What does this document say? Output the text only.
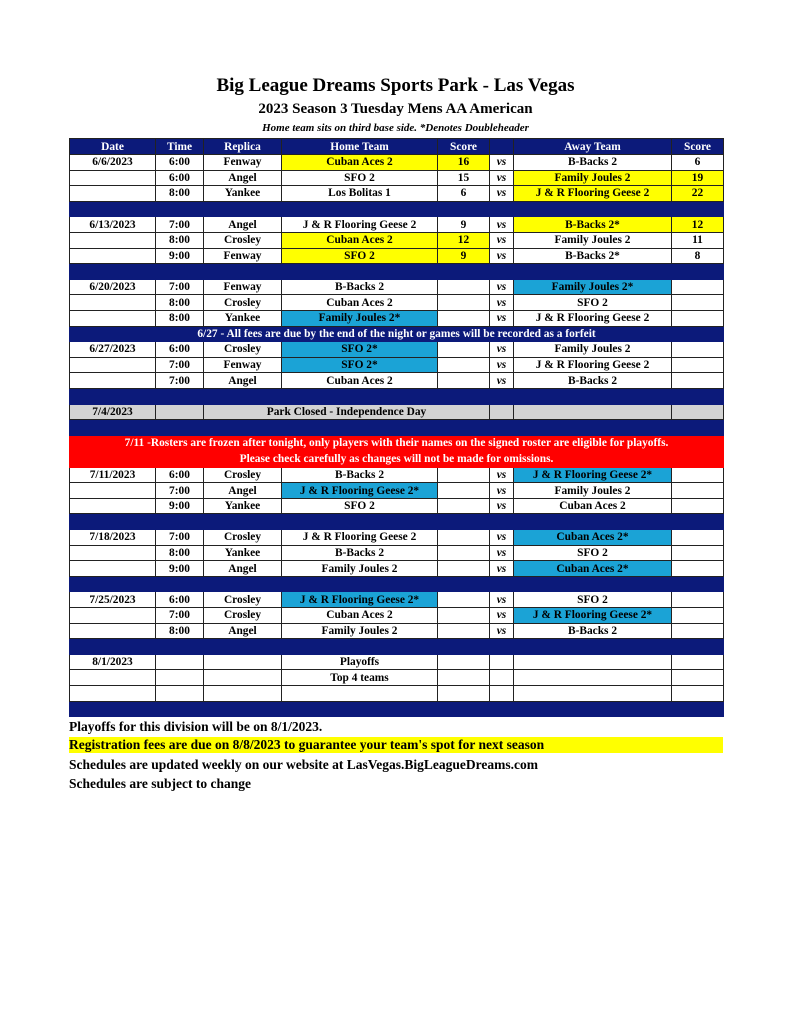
Big League Dreams Sports Park - Las Vegas
2023 Season 3 Tuesday Mens AA American
Home team sits on third base side. *Denotes Doubleheader
Date	Time	Replica	Home Team	Score		Away Team	Score
6/6/2023	6:00	Fenway	Cuban Aces 2	16	vs	B-Backs 2	6
	6:00	Angel	SFO 2	15	vs	Family Joules 2	19
	8:00	Yankee	Los Bolitas 1	6	vs	J & R Flooring Geese 2	22

6/13/2023	7:00	Angel	J & R Flooring Geese 2	9	vs	B-Backs 2*	12
	8:00	Crosley	Cuban Aces 2	12	vs	Family Joules 2	11
	9:00	Fenway	SFO 2	9	vs	B-Backs 2*	8

6/20/2023	7:00	Fenway	B-Backs 2		vs	Family Joules 2*	
	8:00	Crosley	Cuban Aces 2		vs	SFO 2	
	8:00	Yankee	Family Joules 2*		vs	J & R Flooring Geese 2	
6/27 - All fees are due by the end of the night or games will be recorded as a forfeit							
6/27/2023	6:00	Crosley	SFO 2*		vs	Family Joules 2	
	7:00	Fenway	SFO 2*		vs	J & R Flooring Geese 2	
	7:00	Angel	Cuban Aces 2		vs	B-Backs 2	

7/4/2023		Park Closed - Independence Day					

7/11 -Rosters are frozen after tonight, only players with their names on the signed roster are eligible for playoffs.							
Please check carefully as changes will not be made for omissions.							
7/11/2023	6:00	Crosley	B-Backs 2		vs	J & R Flooring Geese 2*	
	7:00	Angel	J & R Flooring Geese 2*		vs	Family Joules 2	
	9:00	Yankee	SFO 2		vs	Cuban Aces 2	

7/18/2023	7:00	Crosley	J & R Flooring Geese 2		vs	Cuban Aces 2*	
	8:00	Yankee	B-Backs 2		vs	SFO 2	
	9:00	Angel	Family Joules 2		vs	Cuban Aces 2*	

7/25/2023	6:00	Crosley	J & R Flooring Geese 2*		vs	SFO 2	
	7:00	Crosley	Cuban Aces 2		vs	J & R Flooring Geese 2*	
	8:00	Angel	Family Joules 2		vs	B-Backs 2	

8/1/2023			Playoffs				
			Top 4 teams				

Playoffs for this division will be on 8/1/2023.
Registration fees are due on 8/8/2023 to guarantee your team's spot for next season
Schedules are updated weekly on our website at LasVegas.BigLeagueDreams.com
Schedules are subject to change
